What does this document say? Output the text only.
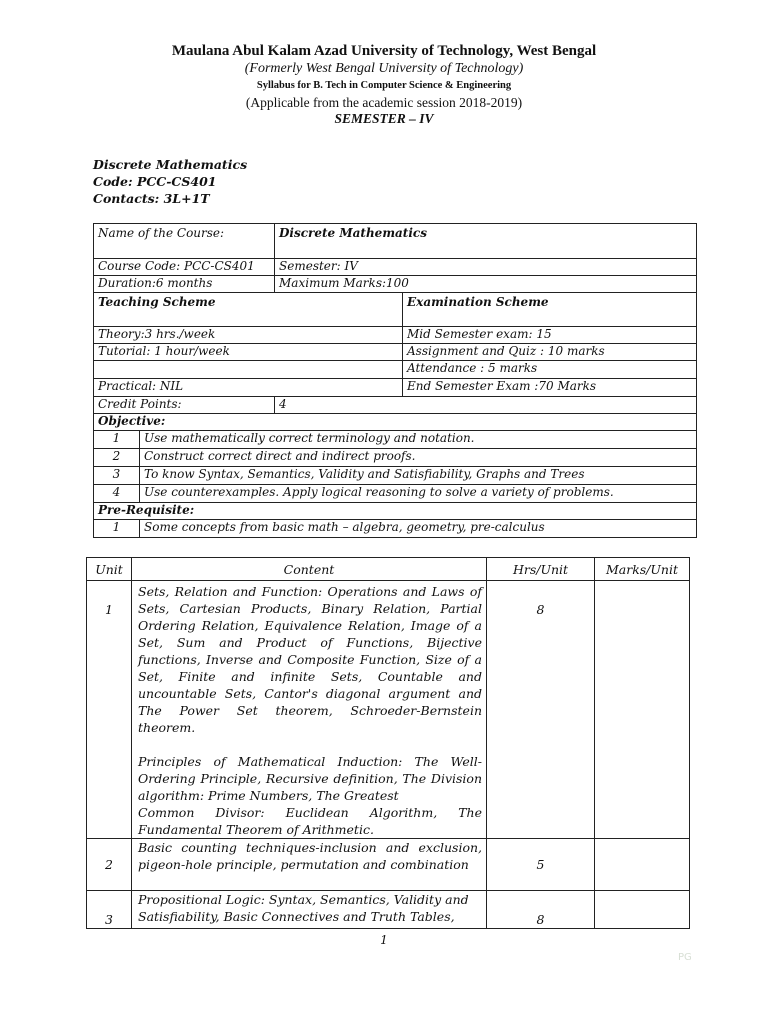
Maulana Abul Kalam Azad University of Technology, West Bengal
(Formerly West Bengal University of Technology)
Syllabus for B. Tech in Computer Science & Engineering
(Applicable from the academic session 2018-2019)
SEMESTER – IV
Discrete Mathematics
Code: PCC-CS401
Contacts: 3L+1T
Name of the Course:		Discrete Mathematics	
Course Code: PCC-CS401		Semester: IV	
Duration:6 months		Maximum Marks:100	
Teaching Scheme			Examination Scheme
Theory:3 hrs./week			Mid Semester exam: 15
Tutorial: 1 hour/week			Assignment and Quiz : 10 marks
			Attendance : 5 marks
Practical: NIL			End Semester Exam :70 Marks
Credit Points:		4	
Objective:			
1	Use mathematically correct terminology and notation.		
2	Construct correct direct and indirect proofs.		
3	To know Syntax, Semantics, Validity and Satisfiability, Graphs and Trees		
4	Use counterexamples. Apply logical reasoning to solve a variety of problems.		
Pre-Requisite:			
1	Some concepts from basic math – algebra, geometry, pre-calculus		
Unit	Content	Hrs/Unit	Marks/Unit
1	Sets, Relation and Function: Operations and Laws of Sets, Cartesian Products, Binary Relation, Partial Ordering Relation, Equivalence Relation, Image of a Set, Sum and Product of Functions, Bijective functions, Inverse and Composite Function, Size of a Set, Finite and infinite Sets, Countable and uncountable Sets, Cantor's diagonal argument and The Power Set theorem, Schroeder-Bernstein theorem.
Principles of Mathematical Induction: The Well-Ordering Principle, Recursive definition, The Division algorithm: Prime Numbers, The Greatest
Common Divisor: Euclidean Algorithm, The Fundamental Theorem of Arithmetic.	8	
2	Basic counting techniques-inclusion and exclusion, pigeon-hole principle, permutation and combination	5	
3	Propositional Logic: Syntax, Semantics, Validity and Satisfiability, Basic Connectives and Truth Tables,	8	
1
PG
